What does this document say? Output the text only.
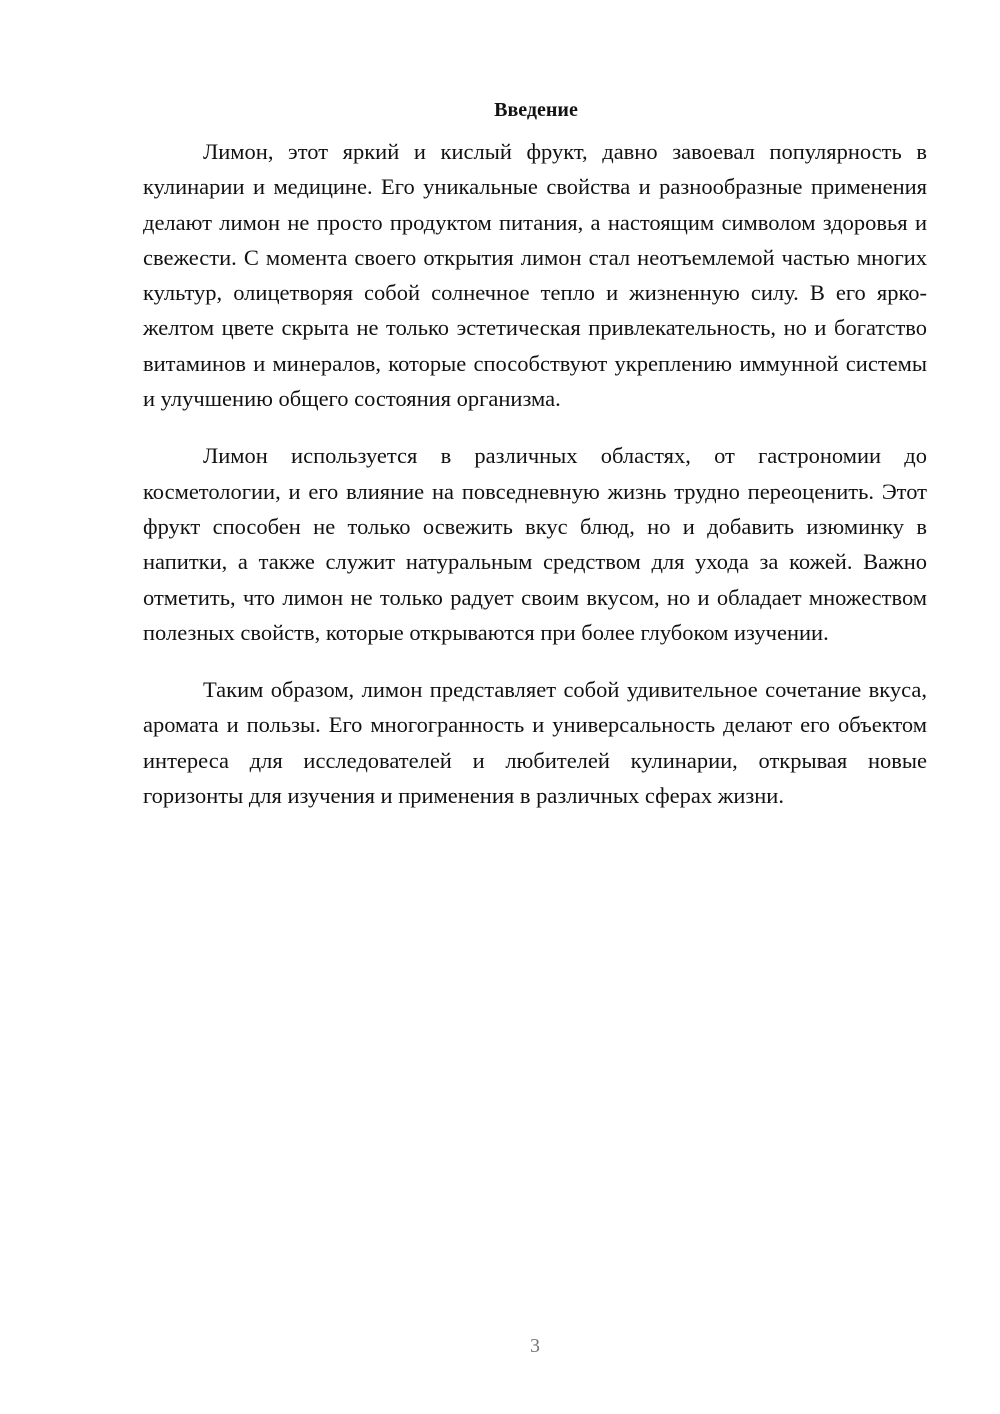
Введение

Лимон, этот яркий и кислый фрукт, давно завоевал популярность в кулинарии и медицине. Его уникальные свойства и разнообразные применения делают лимон не просто продуктом питания, а настоящим символом здоровья и свежести. С момента своего открытия лимон стал неотъемлемой частью многих культур, олицетворяя собой солнечное тепло и жизненную силу. В его ярко-желтом цвете скрыта не только эстетическая привлекательность, но и богатство витаминов и минералов, которые способствуют укреплению иммунной системы и улучшению общего состояния организма.

Лимон используется в различных областях, от гастрономии до косметологии, и его влияние на повседневную жизнь трудно переоценить. Этот фрукт способен не только освежить вкус блюд, но и добавить изюминку в напитки, а также служит натуральным средством для ухода за кожей. Важно отметить, что лимон не только радует своим вкусом, но и обладает множеством полезных свойств, которые открываются при более глубоком изучении.

Таким образом, лимон представляет собой удивительное сочетание вкуса, аромата и пользы. Его многогранность и универсальность делают его объектом интереса для исследователей и любителей кулинарии, открывая новые горизонты для изучения и применения в различных сферах жизни.

3
